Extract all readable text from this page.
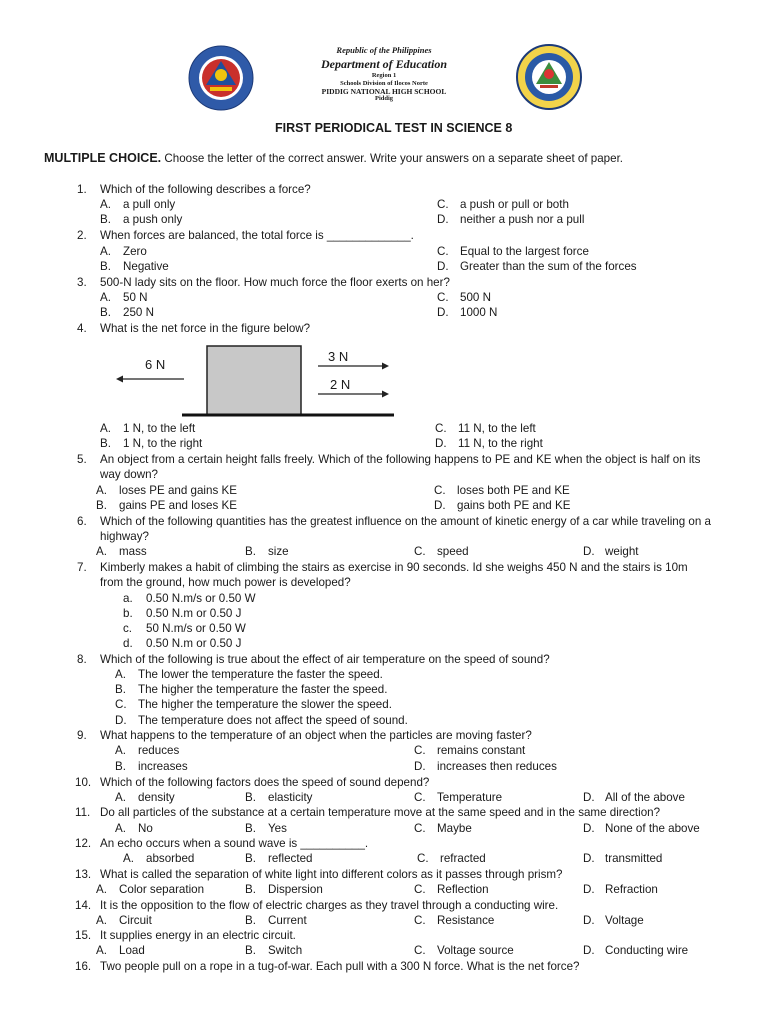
Republic of the Philippines
Department of Education
Region 1
Schools Division of Ilocos Norte
PIDDIG NATIONAL HIGH SCHOOL
Piddig
FIRST PERIODICAL TEST IN SCIENCE 8
MULTIPLE CHOICE. Choose the letter of the correct answer. Write your answers on a separate sheet of paper.
1. Which of the following describes a force?
A. a pull only
B. a push only
C. a push or pull or both
D. neither a push nor a pull
2. When forces are balanced, the total force is _____________.
A. Zero
B. Negative
C. Equal to the largest force
D. Greater than the sum of the forces
3. 500-N lady sits on the floor. How much force the floor exerts on her?
A. 50 N
B. 250 N
C. 500 N
D. 1000 N
4. What is the net force in the figure below?
6 N
3 N
2 N
A. 1 N, to the left
B. 1 N, to the right
C. 11 N, to the left
D. 11 N, to the right
5. An object from a certain height falls freely. Which of the following happens to PE and KE when the object is half on its
way down?
A. loses PE and gains KE
B. gains PE and loses KE
C. loses both PE and KE
D. gains both PE and KE
6. Which of the following quantities has the greatest influence on the amount of kinetic energy of a car while traveling on a
highway?
A. mass	B. size	C. speed	D. weight
7. Kimberly makes a habit of climbing the stairs as exercise in 90 seconds. Id she weighs 450 N and the stairs is 10m
from the ground, how much power is developed?
a. 0.50 N.m/s or 0.50 W
b. 0.50 N.m or 0.50 J
c. 50 N.m/s or 0.50 W
d. 0.50 N.m or 0.50 J
8. Which of the following is true about the effect of air temperature on the speed of sound?
A. The lower the temperature the faster the speed.
B. The higher the temperature the faster the speed.
C. The higher the temperature the slower the speed.
D. The temperature does not affect the speed of sound.
9. What happens to the temperature of an object when the particles are moving faster?
A. reduces
B. increases
C. remains constant
D. increases then reduces
10. Which of the following factors does the speed of sound depend?
A. density	B. elasticity	C. Temperature	D. All of the above
11. Do all particles of the substance at a certain temperature move at the same speed and in the same direction?
A. No	B. Yes	C. Maybe	D. None of the above
12. An echo occurs when a sound wave is __________.
A. absorbed	B. reflected	C. refracted	D. transmitted
13. What is called the separation of white light into different colors as it passes through prism?
A. Color separation	B. Dispersion	C. Reflection	D. Refraction
14. It is the opposition to the flow of electric charges as they travel through a conducting wire.
A. Circuit	B. Current	C. Resistance	D. Voltage
15. It supplies energy in an electric circuit.
A. Load	B. Switch	C. Voltage source	D. Conducting wire
16. Two people pull on a rope in a tug-of-war. Each pull with a 300 N force. What is the net force?
